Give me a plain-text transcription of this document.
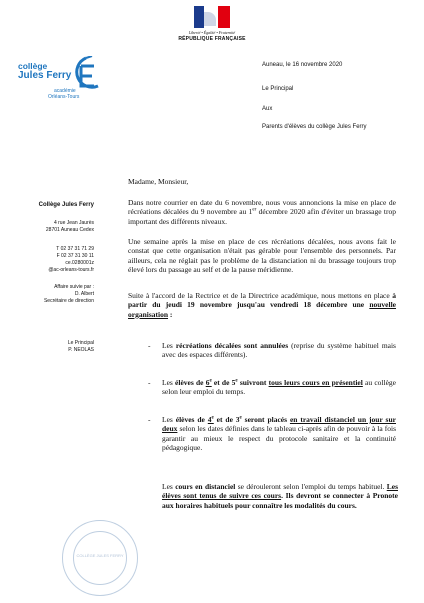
Liberté • Égalité • Fraternité
RÉPUBLIQUE FRANÇAISE
collège
Jules Ferry
académie
Orléans-Tours
Auneau, le 16 novembre 2020
Le Principal
Aux
Parents d'élèves du collège Jules Ferry
Collège Jules Ferry
4 rue Jean Jaurès
28701 Auneau Cedex
T 02 37 31 71 29
F 02 37 31 30 11
ce.0280001z
@ac-orleans-tours.fr
Affaire suivie par :
D. Albert
Secrétaire de direction
Le Principal
P. NEOLAS
Madame, Monsieur,
Dans notre courrier en date du 6 novembre, nous vous annoncions la mise en place de récréations décalées du 9 novembre au 1er décembre 2020 afin d'éviter un brassage trop important des différents niveaux.
Une semaine après la mise en place de ces récréations décalées, nous avons fait le constat que cette organisation n'était pas gérable pour l'ensemble des personnels. Par ailleurs, cela ne réglait pas le problème de la distanciation ni du brassage toujours trop élevé lors du passage au self et de la pause méridienne.
Suite à l'accord de la Rectrice et de la Directrice académique, nous mettons en place à partir du jeudi 19 novembre jusqu'au vendredi 18 décembre une nouvelle organisation :
- Les récréations décalées sont annulées (reprise du système habituel mais avec des espaces différents).
- Les élèves de 6e et de 5e suivront tous leurs cours en présentiel au collège selon leur emploi du temps.
- Les élèves de 4e et de 3e seront placés en travail distanciel un jour sur deux selon les dates définies dans le tableau ci-après afin de pouvoir à la fois garantir au mieux le respect du protocole sanitaire et la continuité pédagogique.
Les cours en distanciel se dérouleront selon l'emploi du temps habituel. Les élèves sont tenus de suivre ces cours. Ils devront se connecter à Pronote aux horaires habituels pour connaître les modalités du cours.
COLLÈGE JULES FERRY
